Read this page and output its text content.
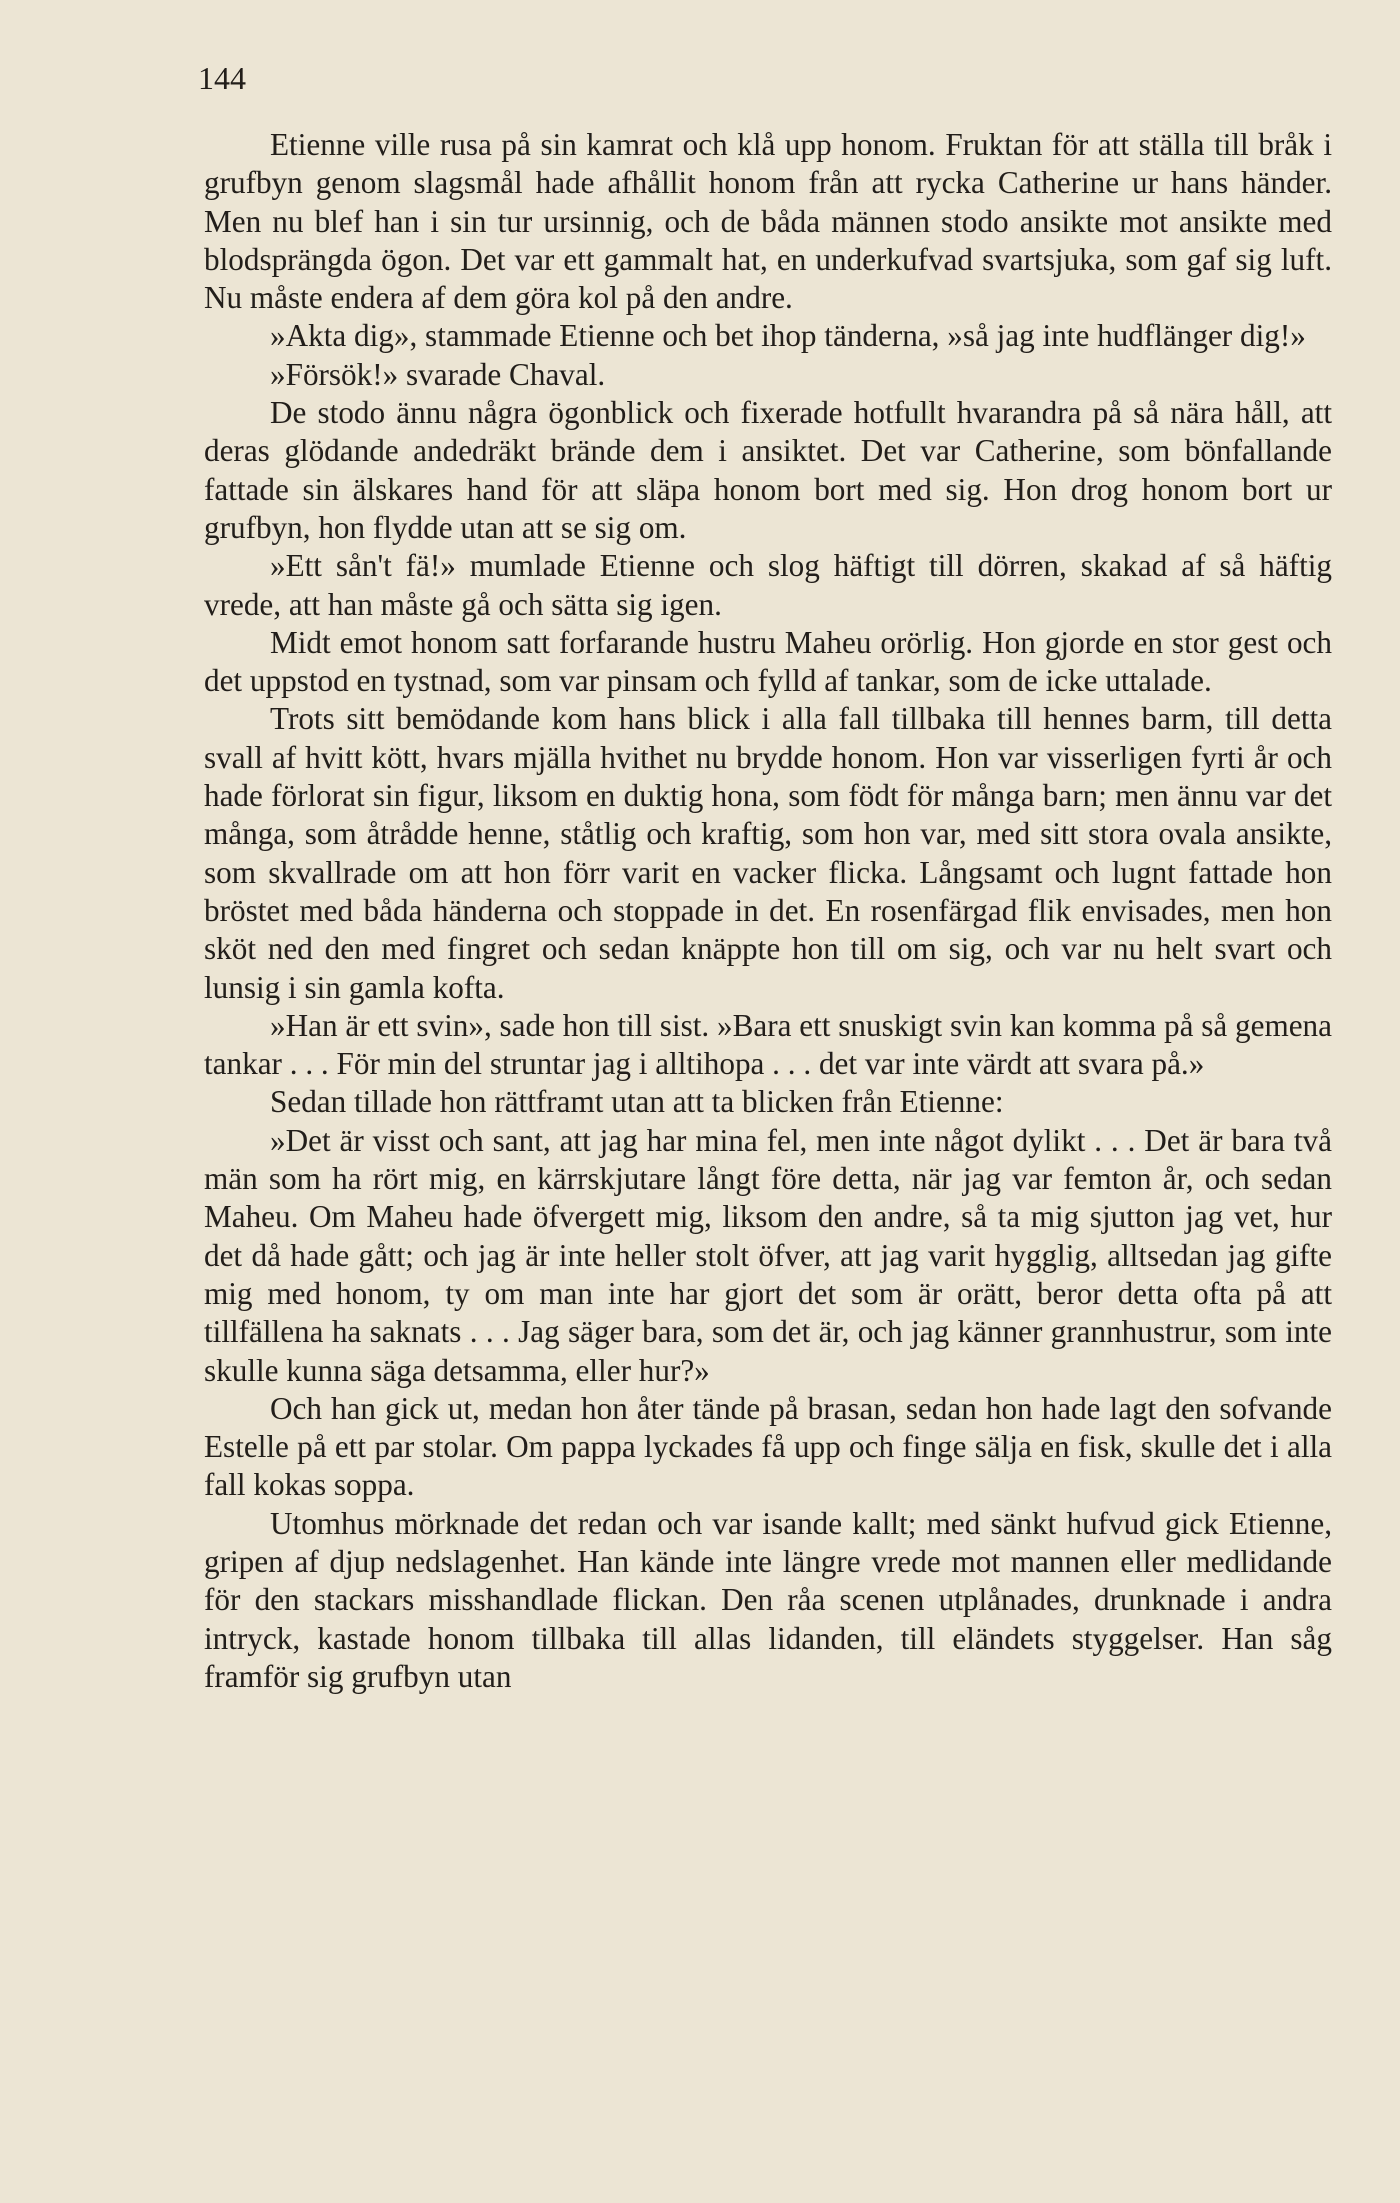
144

Etienne ville rusa på sin kamrat och klå upp honom. Fruktan för att ställa till bråk i grufbyn genom slagsmål hade afhållit honom från att rycka Catherine ur hans händer. Men nu blef han i sin tur ursinnig, och de båda männen stodo ansikte mot ansikte med blodsprängda ögon. Det var ett gammalt hat, en underkufvad svartsjuka, som gaf sig luft. Nu måste endera af dem göra kol på den andre.

»Akta dig», stammade Etienne och bet ihop tänderna, »så jag inte hudflänger dig!»

»Försök!» svarade Chaval.

De stodo ännu några ögonblick och fixerade hotfullt hvarandra på så nära håll, att deras glödande andedräkt brände dem i ansiktet. Det var Catherine, som bönfallande fattade sin älskares hand för att släpa honom bort med sig. Hon drog honom bort ur grufbyn, hon flydde utan att se sig om.

»Ett sån't fä!» mumlade Etienne och slog häftigt till dörren, skakad af så häftig vrede, att han måste gå och sätta sig igen.

Midt emot honom satt forfarande hustru Maheu orörlig. Hon gjorde en stor gest och det uppstod en tystnad, som var pinsam och fylld af tankar, som de icke uttalade.

Trots sitt bemödande kom hans blick i alla fall tillbaka till hennes barm, till detta svall af hvitt kött, hvars mjälla hvithet nu brydde honom. Hon var visserligen fyrti år och hade förlorat sin figur, liksom en duktig hona, som födt för många barn; men ännu var det många, som åtrådde henne, ståtlig och kraftig, som hon var, med sitt stora ovala ansikte, som skvallrade om att hon förr varit en vacker flicka. Långsamt och lugnt fattade hon bröstet med båda händerna och stoppade in det. En rosenfärgad flik envisades, men hon sköt ned den med fingret och sedan knäppte hon till om sig, och var nu helt svart och lunsig i sin gamla kofta.

»Han är ett svin», sade hon till sist. »Bara ett snuskigt svin kan komma på så gemena tankar . . . För min del struntar jag i alltihopa . . . det var inte värdt att svara på.»

Sedan tillade hon rättframt utan att ta blicken från Etienne:

»Det är visst och sant, att jag har mina fel, men inte något dylikt . . . Det är bara två män som ha rört mig, en kärrskjutare långt före detta, när jag var femton år, och sedan Maheu. Om Maheu hade öfvergett mig, liksom den andre, så ta mig sjutton jag vet, hur det då hade gått; och jag är inte heller stolt öfver, att jag varit hygglig, alltsedan jag gifte mig med honom, ty om man inte har gjort det som är orätt, beror detta ofta på att tillfällena ha saknats . . . Jag säger bara, som det är, och jag känner grannhustrur, som inte skulle kunna säga detsamma, eller hur?»

Och han gick ut, medan hon åter tände på brasan, sedan hon hade lagt den sofvande Estelle på ett par stolar. Om pappa lyckades få upp och finge sälja en fisk, skulle det i alla fall kokas soppa.

Utomhus mörknade det redan och var isande kallt; med sänkt hufvud gick Etienne, gripen af djup nedslagenhet. Han kände inte längre vrede mot mannen eller medlidande för den stackars misshandlade flickan. Den råa scenen utplånades, drunknade i andra intryck, kastade honom tillbaka till allas lidanden, till eländets styggelser. Han såg framför sig grufbyn utan
